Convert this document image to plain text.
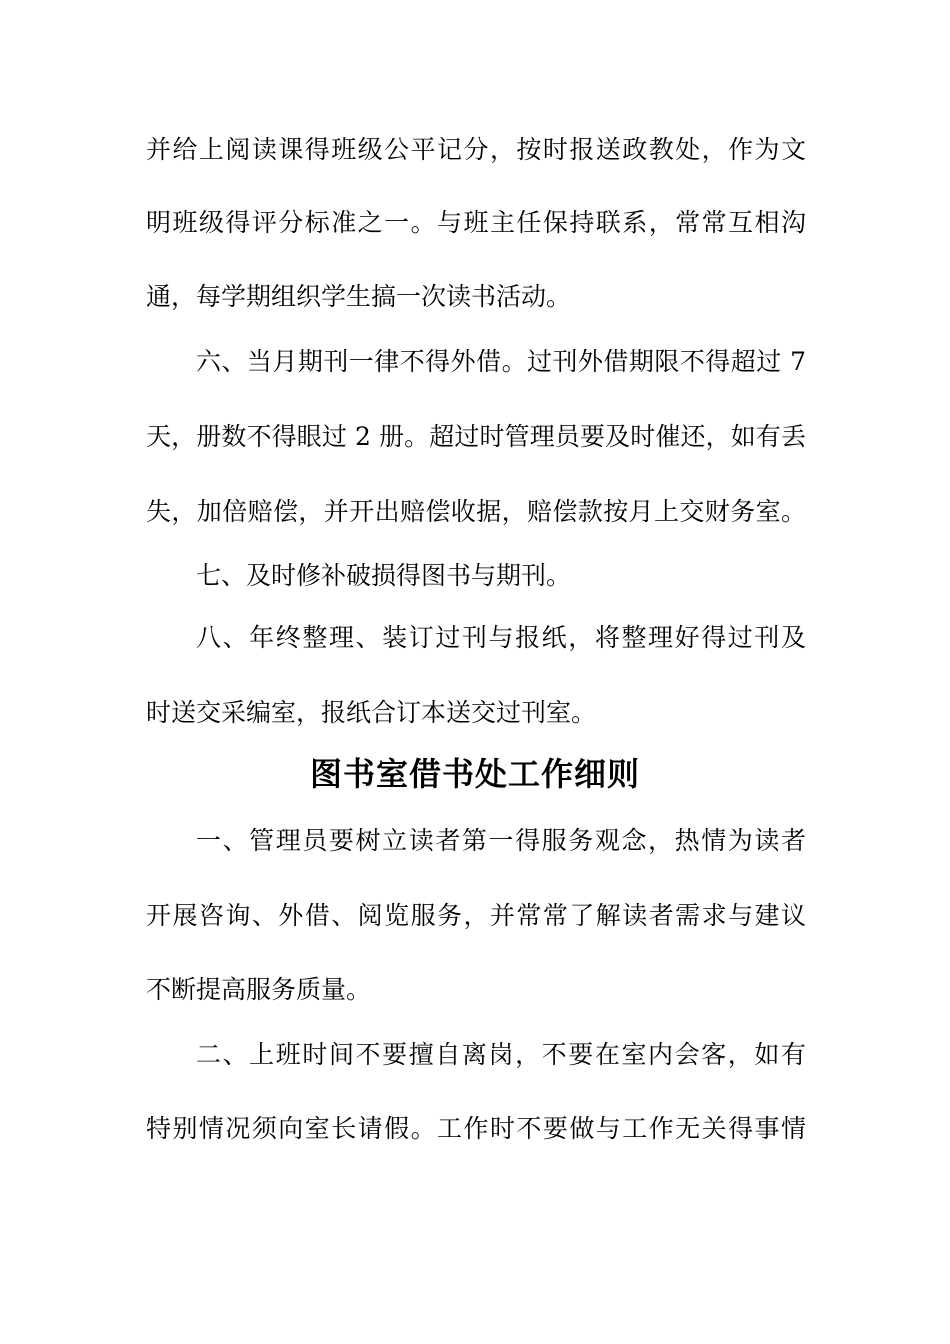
并给上阅读课得班级公平记分，按时报送政教处，作为文
明班级得评分标准之一。与班主任保持联系，常常互相沟
通，每学期组织学生搞一次读书活动。
六、当月期刊一律不得外借。过刊外借期限不得超过 7
天，册数不得眼过 2 册。超过时管理员要及时催还，如有丢
失，加倍赔偿，并开出赔偿收据，赔偿款按月上交财务室。
七、及时修补破损得图书与期刊。
八、年终整理、装订过刊与报纸，将整理好得过刊及
时送交采编室，报纸合订本送交过刊室。
图书室借书处工作细则
一、管理员要树立读者第一得服务观念，热情为读者
开展咨询、外借、阅览服务，并常常了解读者需求与建议
不断提高服务质量。
二、上班时间不要擅自离岗，不要在室内会客，如有
特别情况须向室长请假。工作时不要做与工作无关得事情
